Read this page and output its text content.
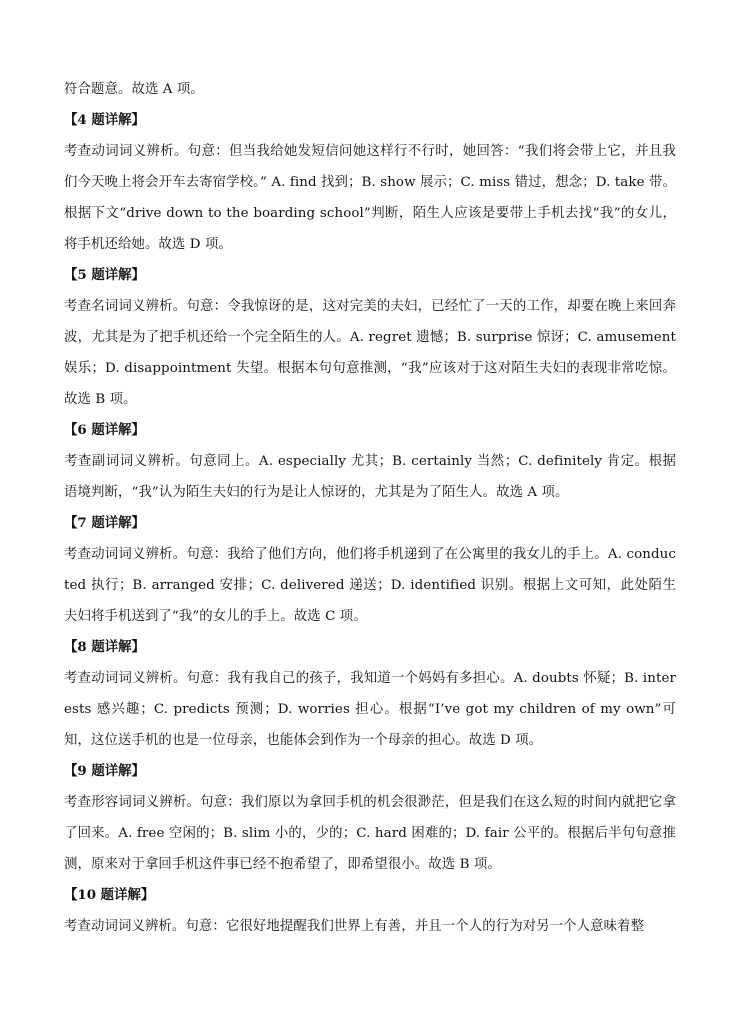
符合题意。故选 A 项。

【4 题详解】

考查动词词义辨析。句意：但当我给她发短信问她这样行不行时，她回答：“我们将会带上它，并且我们今天晚上将会开车去寄宿学校。” A. find 找到；B. show 展示；C. miss 错过，想念；D. take 带。根据下文“drive down to the boarding school”判断，陌生人应该是要带上手机去找“我”的女儿，将手机还给她。故选 D 项。

【5 题详解】

考查名词词义辨析。句意：令我惊讶的是，这对完美的夫妇，已经忙了一天的工作，却要在晚上来回奔波，尤其是为了把手机还给一个完全陌生的人。A. regret 遗憾；B. surprise 惊讶；C. amusement 娱乐；D. disappointment 失望。根据本句句意推测，“我”应该对于这对陌生夫妇的表现非常吃惊。故选 B 项。

【6 题详解】

考查副词词义辨析。句意同上。A. especially 尤其；B. certainly 当然；C. definitely 肯定。根据语境判断，“我”认为陌生夫妇的行为是让人惊讶的，尤其是为了陌生人。故选 A 项。

【7 题详解】

考查动词词义辨析。句意：我给了他们方向，他们将手机递到了在公寓里的我女儿的手上。A. conducted 执行；B. arranged 安排；C. delivered 递送；D. identified 识别。根据上文可知，此处陌生夫妇将手机送到了“我”的女儿的手上。故选 C 项。

【8 题详解】

考查动词词义辨析。句意：我有我自己的孩子，我知道一个妈妈有多担心。A. doubts 怀疑；B. interests 感兴趣；C. predicts 预测；D. worries 担心。根据“I’ve got my children of my own”可知，这位送手机的也是一位母亲，也能体会到作为一个母亲的担心。故选 D 项。

【9 题详解】

考查形容词词义辨析。句意：我们原以为拿回手机的机会很渺茫，但是我们在这么短的时间内就把它拿了回来。A. free 空闲的；B. slim 小的，少的；C. hard 困难的；D. fair 公平的。根据后半句句意推测，原来对于拿回手机这件事已经不抱希望了，即希望很小。故选 B 项。

【10 题详解】

考查动词词义辨析。句意：它很好地提醒我们世界上有善，并且一个人的行为对另一个人意味着整
